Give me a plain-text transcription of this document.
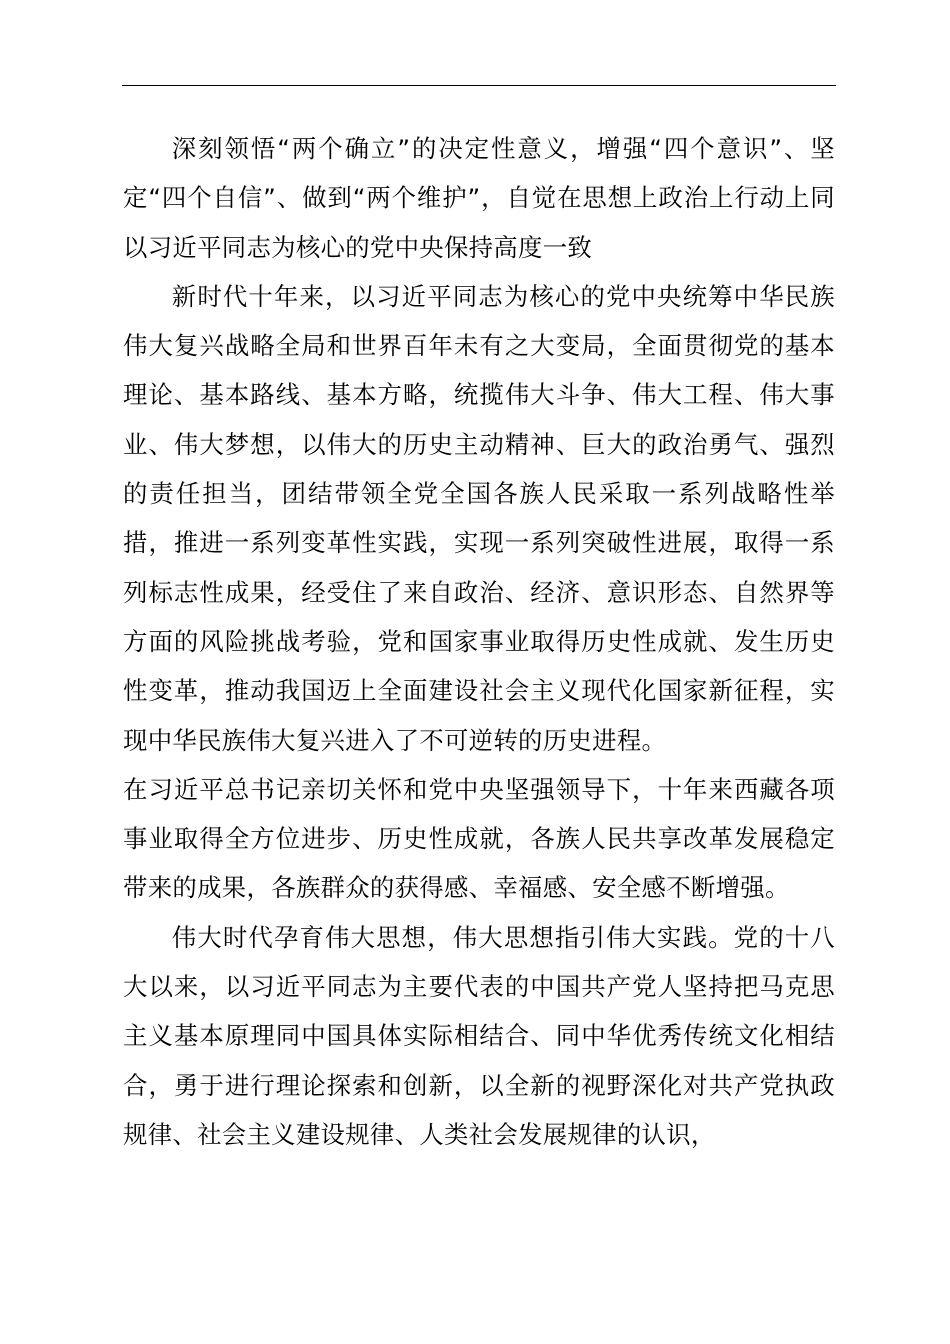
深刻领悟“两个确立”的决定性意义，增强“四个意识”、坚定“四个自信”、做到“两个维护”，自觉在思想上政治上行动上同以习近平同志为核心的党中央保持高度一致

新时代十年来，以习近平同志为核心的党中央统筹中华民族伟大复兴战略全局和世界百年未有之大变局，全面贯彻党的基本理论、基本路线、基本方略，统揽伟大斗争、伟大工程、伟大事业、伟大梦想，以伟大的历史主动精神、巨大的政治勇气、强烈的责任担当，团结带领全党全国各族人民采取一系列战略性举措，推进一系列变革性实践，实现一系列突破性进展，取得一系列标志性成果，经受住了来自政治、经济、意识形态、自然界等方面的风险挑战考验，党和国家事业取得历史性成就、发生历史性变革，推动我国迈上全面建设社会主义现代化国家新征程，实现中华民族伟大复兴进入了不可逆转的历史进程。

在习近平总书记亲切关怀和党中央坚强领导下，十年来西藏各项事业取得全方位进步、历史性成就，各族人民共享改革发展稳定带来的成果，各族群众的获得感、幸福感、安全感不断增强。

伟大时代孕育伟大思想，伟大思想指引伟大实践。党的十八大以来，以习近平同志为主要代表的中国共产党人坚持把马克思主义基本原理同中国具体实际相结合、同中华优秀传统文化相结合，勇于进行理论探索和创新，以全新的视野深化对共产党执政规律、社会主义建设规律、人类社会发展规律的认识，
